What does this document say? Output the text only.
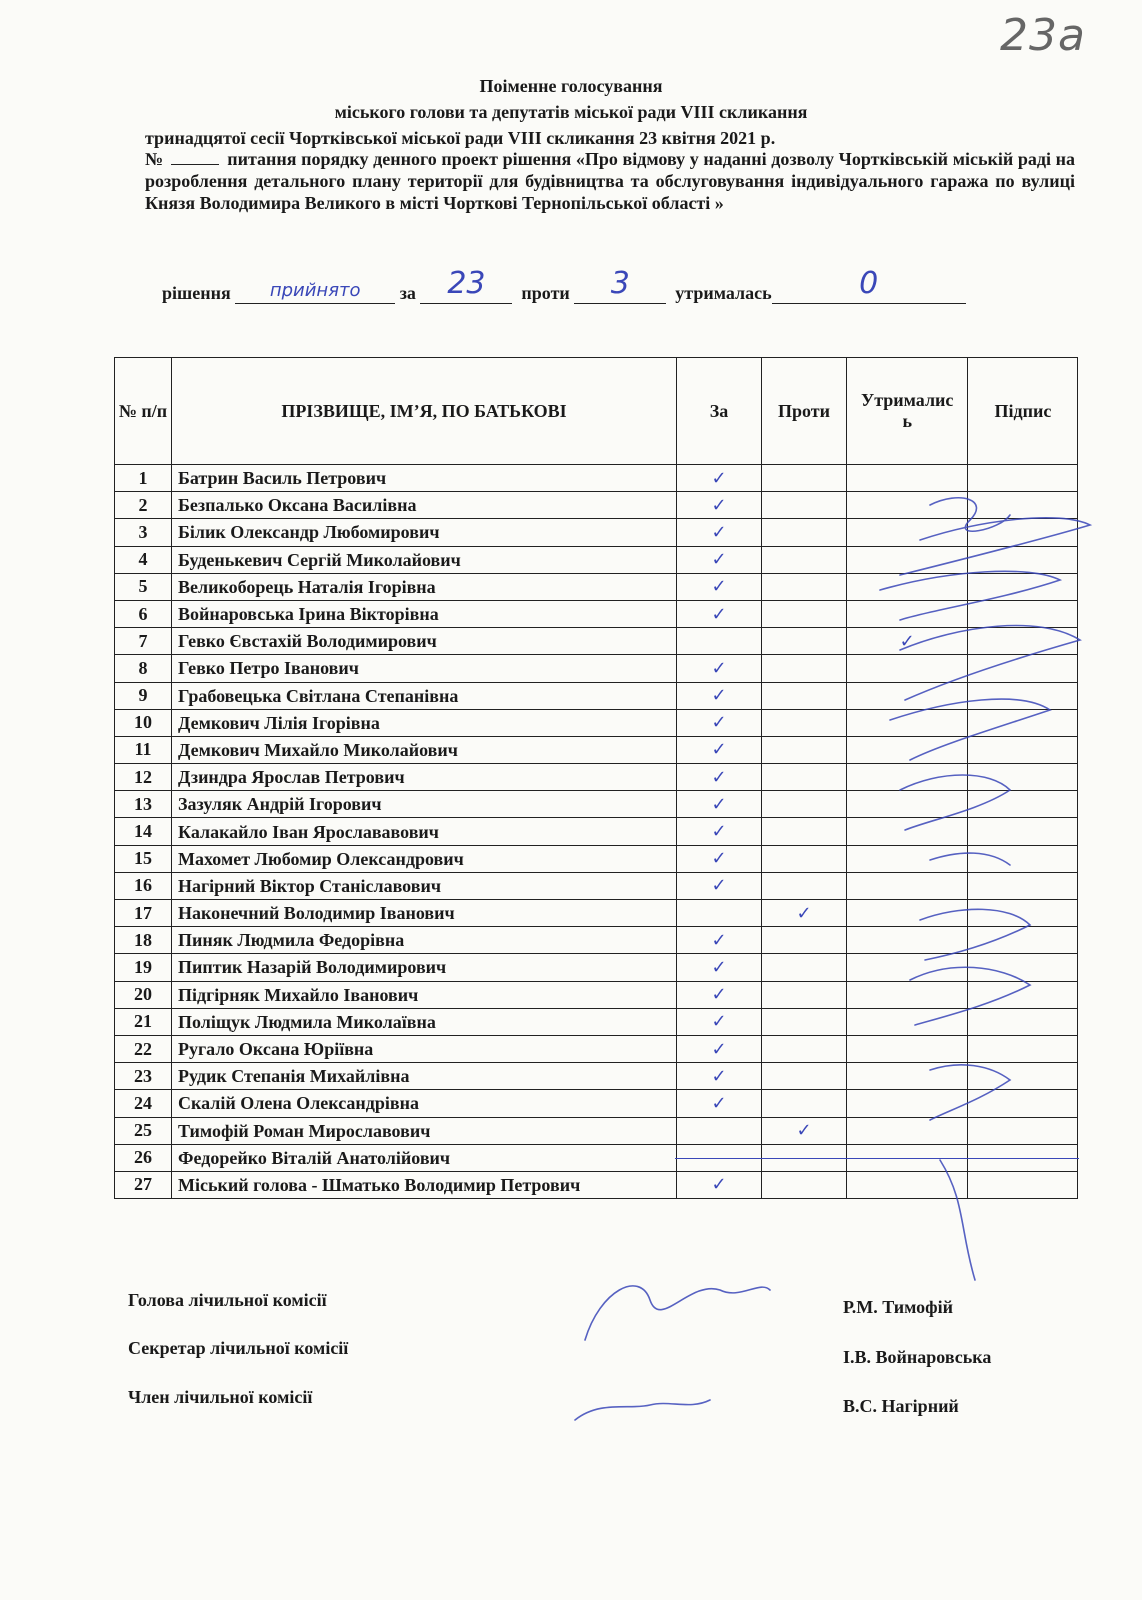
23a
Поіменне голосування
міського голови та депутатів міської ради VIII скликання
тринадцятої сесії Чортківської міської ради VIII скликання 23 квітня 2021 р.
№	питання порядку денного проект рішення «Про відмову у наданні дозволу Чортківській міській раді на розроблення детального плану території для будівництва та обслуговування індивідуального гаража по вулиці Князя Володимира Великого в місті Чорткові Тернопільської області »
рішення	прийнято	за	23	проти	3	утрималась	0
№ п/п	ПРІЗВИЩЕ, ІМ’Я, ПО БАТЬКОВІ	За	Проти	Утрималис ь	Підпис
1	Батрин Василь Петрович	✓			
2	Безпалько Оксана Василівна	✓			
3	Білик Олександр Любомирович	✓			
4	Буденькевич Сергій Миколайович	✓			
5	Великоборець Наталія Ігорівна	✓			
6	Войнаровська Ірина Вікторівна	✓			
7	Гевко Євстахій Володимирович			✓	
8	Гевко Петро Іванович	✓			
9	Грабовецька Світлана Степанівна	✓			
10	Демкович Лілія Ігорівна	✓			
11	Демкович Михайло Миколайович	✓			
12	Дзиндра Ярослав Петрович	✓			
13	Зазуляк Андрій Ігорович	✓			
14	Калакайло Іван Ярослававович	✓			
15	Махомет Любомир Олександрович	✓			
16	Нагірний Віктор Станіславович	✓			
17	Наконечний Володимир Іванович		✓		
18	Пиняк Людмила Федорівна	✓			
19	Пиптик Назарій Володимирович	✓			
20	Підгірняк Михайло Іванович	✓			
21	Поліщук Людмила Миколаївна	✓			
22	Ругало Оксана Юріївна	✓			
23	Рудик Степанія Михайлівна	✓			
24	Скалій Олена Олександрівна	✓			
25	Тимофій Роман Мирославович		✓		
26	Федорейко Віталій Анатолійович				
27	Міський голова - Шматько Володимир Петрович	✓			
Голова лічильної комісії	Р.М. Тимофій
Секретар лічильної комісії	І.В. Войнаровська
Член лічильної комісії	В.С. Нагірний
